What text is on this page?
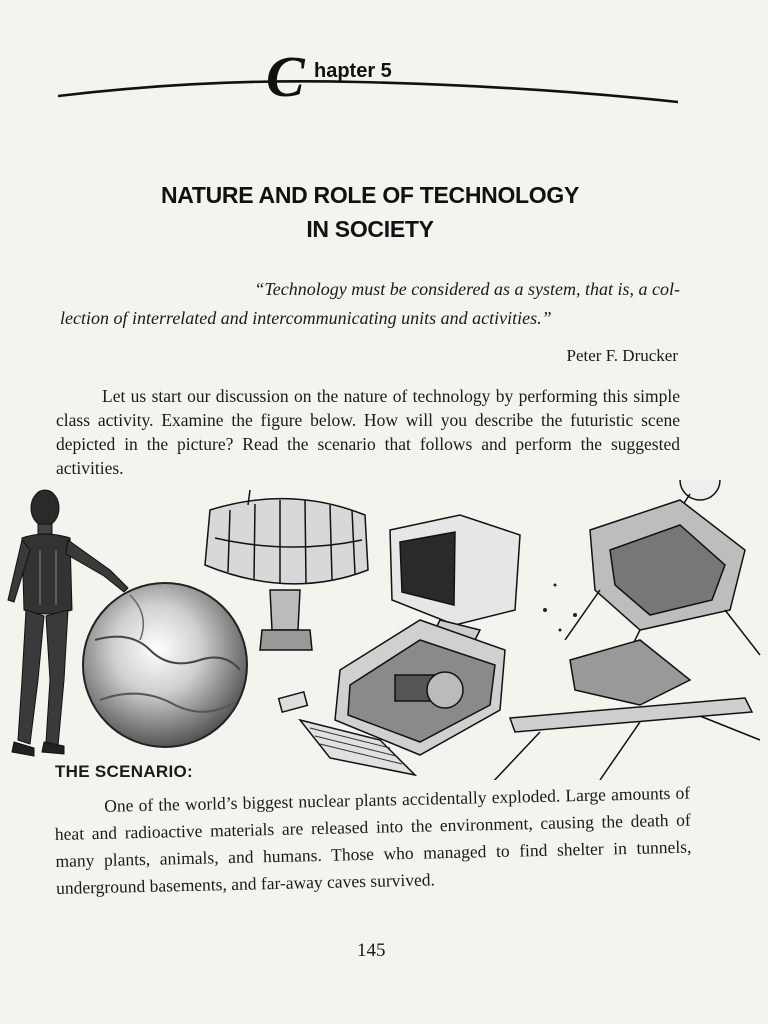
C hapter 5
NATURE AND ROLE OF TECHNOLOGY
IN SOCIETY
“Technology must be considered as a system, that is, a col-
lection of interrelated and intercommunicating units and activities.”
Peter F. Drucker
Let us start our discussion on the nature of technology by performing this simple class activity. Examine the figure below. How will you describe the futuristic scene depicted in the picture? Read the scenario that follows and perform the suggested activities.
THE SCENARIO:
One of the world’s biggest nuclear plants accidentally exploded. Large amounts of heat and radioactive materials are released into the environment, causing the death of many plants, animals, and humans. Those who managed to find shelter in tunnels, underground basements, and far-away caves survived.
145
